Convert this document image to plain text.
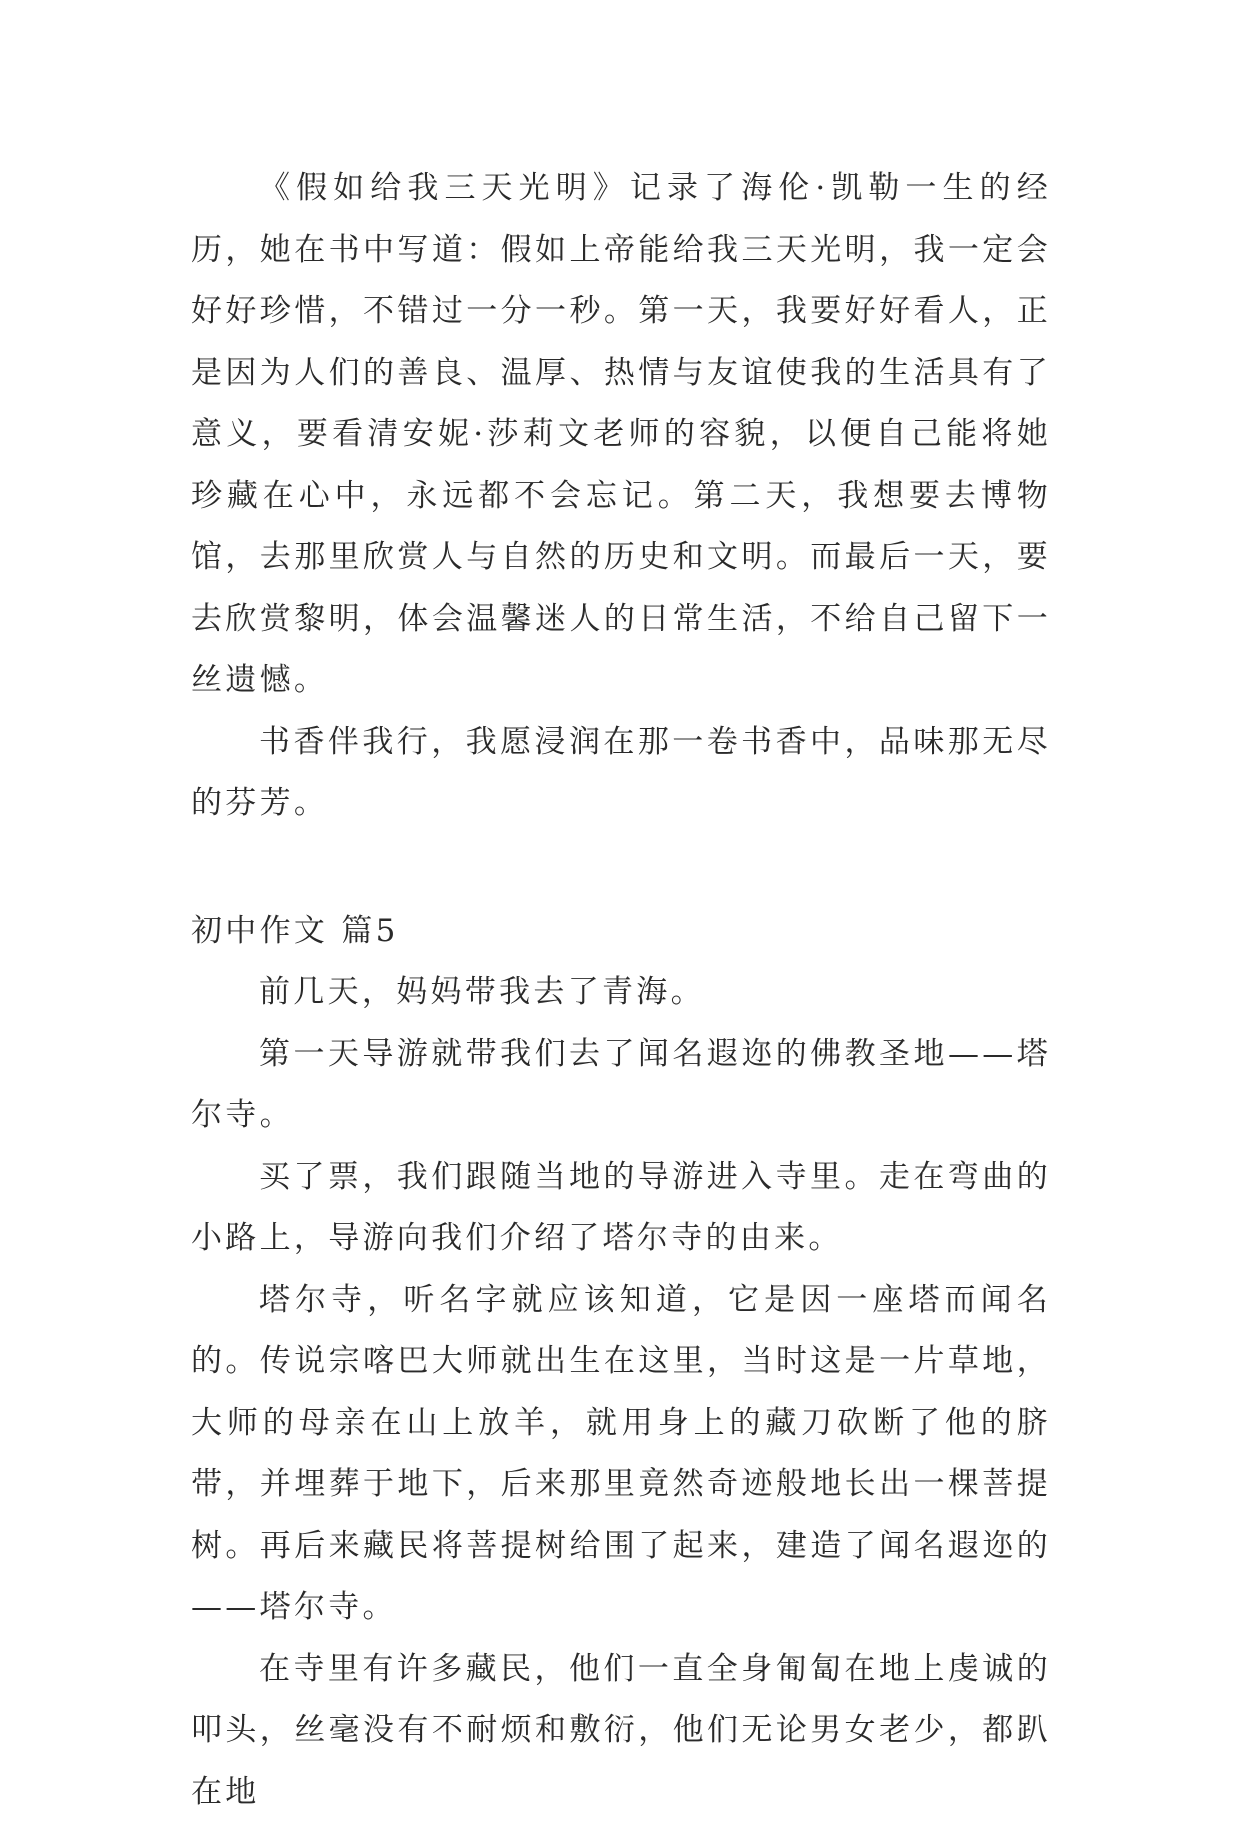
《假如给我三天光明》记录了海伦·凯勒一生的经历，她在书中写道：假如上帝能给我三天光明，我一定会好好珍惜，不错过一分一秒。第一天，我要好好看人，正是因为人们的善良、温厚、热情与友谊使我的生活具有了意义，要看清安妮·莎莉文老师的容貌，以便自己能将她珍藏在心中，永远都不会忘记。第二天，我想要去博物馆，去那里欣赏人与自然的历史和文明。而最后一天，要去欣赏黎明，体会温馨迷人的日常生活，不给自己留下一丝遗憾。

书香伴我行，我愿浸润在那一卷书香中，品味那无尽的芬芳。

初中作文 篇5

前几天，妈妈带我去了青海。

第一天导游就带我们去了闻名遐迩的佛教圣地——塔尔寺。

买了票，我们跟随当地的导游进入寺里。走在弯曲的小路上，导游向我们介绍了塔尔寺的由来。

塔尔寺，听名字就应该知道，它是因一座塔而闻名的。传说宗喀巴大师就出生在这里，当时这是一片草地，大师的母亲在山上放羊，就用身上的藏刀砍断了他的脐带，并埋葬于地下，后来那里竟然奇迹般地长出一棵菩提树。再后来藏民将菩提树给围了起来，建造了闻名遐迩的——塔尔寺。

在寺里有许多藏民，他们一直全身匍匐在地上虔诚的叩头，丝毫没有不耐烦和敷衍，他们无论男女老少，都趴在地
